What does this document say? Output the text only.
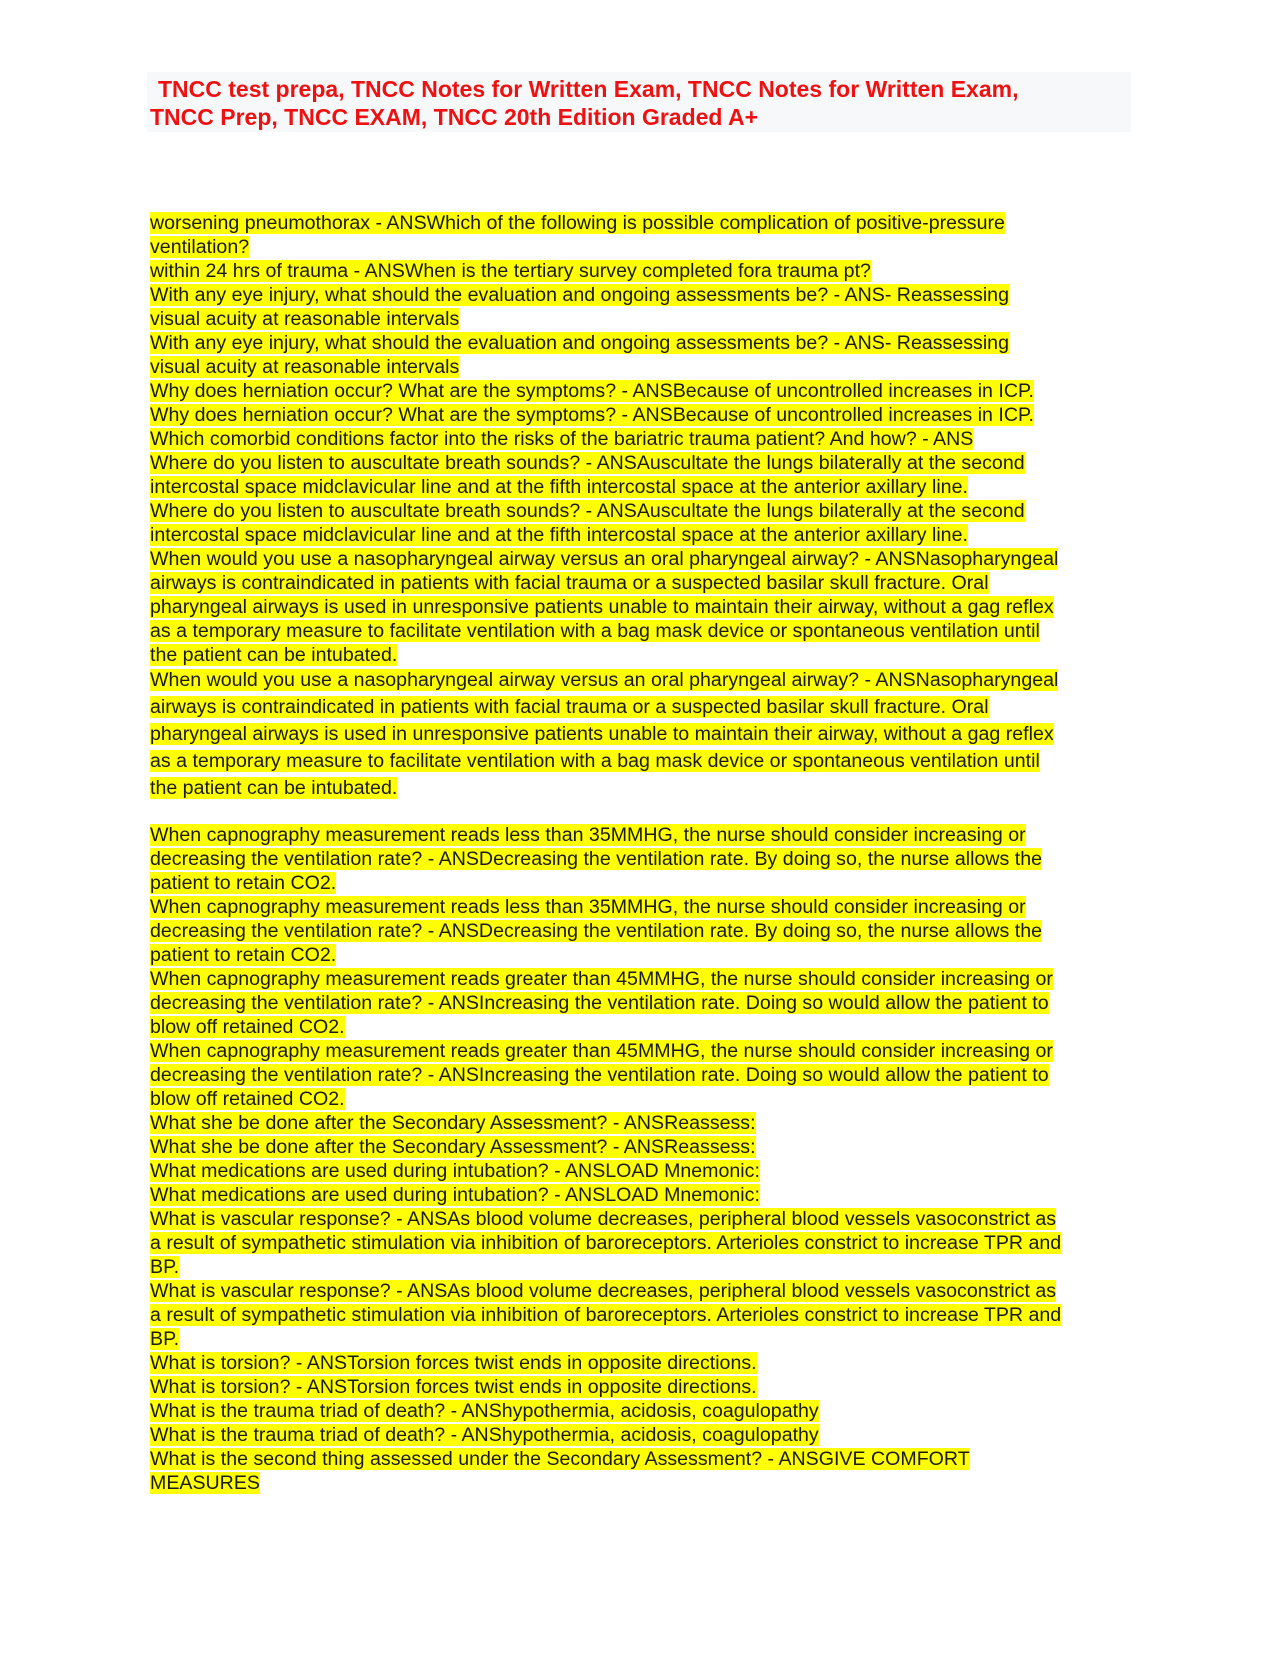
TNCC test prepa, TNCC Notes for Written Exam, TNCC Notes for Written Exam,
TNCC Prep, TNCC EXAM, TNCC 20th Edition Graded A+
worsening pneumothorax - ANSWhich of the following is possible complication of positive-pressure
ventilation?
within 24 hrs of trauma - ANSWhen is the tertiary survey completed fora trauma pt?
With any eye injury, what should the evaluation and ongoing assessments be? - ANS- Reassessing
visual acuity at reasonable intervals
With any eye injury, what should the evaluation and ongoing assessments be? - ANS- Reassessing
visual acuity at reasonable intervals
Why does herniation occur? What are the symptoms? - ANSBecause of uncontrolled increases in ICP.
Why does herniation occur? What are the symptoms? - ANSBecause of uncontrolled increases in ICP.
Which comorbid conditions factor into the risks of the bariatric trauma patient? And how? - ANS
Where do you listen to auscultate breath sounds? - ANSAuscultate the lungs bilaterally at the second
intercostal space midclavicular line and at the fifth intercostal space at the anterior axillary line.
Where do you listen to auscultate breath sounds? - ANSAuscultate the lungs bilaterally at the second
intercostal space midclavicular line and at the fifth intercostal space at the anterior axillary line.
When would you use a nasopharyngeal airway versus an oral pharyngeal airway? - ANSNasopharyngeal
airways is contraindicated in patients with facial trauma or a suspected basilar skull fracture. Oral
pharyngeal airways is used in unresponsive patients unable to maintain their airway, without a gag reflex
as a temporary measure to facilitate ventilation with a bag mask device or spontaneous ventilation until
the patient can be intubated.
When would you use a nasopharyngeal airway versus an oral pharyngeal airway? - ANSNasopharyngeal
airways is contraindicated in patients with facial trauma or a suspected basilar skull fracture. Oral
pharyngeal airways is used in unresponsive patients unable to maintain their airway, without a gag reflex
as a temporary measure to facilitate ventilation with a bag mask device or spontaneous ventilation until
the patient can be intubated.
When capnography measurement reads less than 35MMHG, the nurse should consider increasing or
decreasing the ventilation rate? - ANSDecreasing the ventilation rate. By doing so, the nurse allows the
patient to retain CO2.
When capnography measurement reads less than 35MMHG, the nurse should consider increasing or
decreasing the ventilation rate? - ANSDecreasing the ventilation rate. By doing so, the nurse allows the
patient to retain CO2.
When capnography measurement reads greater than 45MMHG, the nurse should consider increasing or
decreasing the ventilation rate? - ANSIncreasing the ventilation rate. Doing so would allow the patient to
blow off retained CO2.
When capnography measurement reads greater than 45MMHG, the nurse should consider increasing or
decreasing the ventilation rate? - ANSIncreasing the ventilation rate. Doing so would allow the patient to
blow off retained CO2.
What she be done after the Secondary Assessment? - ANSReassess:
What she be done after the Secondary Assessment? - ANSReassess:
What medications are used during intubation? - ANSLOAD Mnemonic:
What medications are used during intubation? - ANSLOAD Mnemonic:
What is vascular response? - ANSAs blood volume decreases, peripheral blood vessels vasoconstrict as
a result of sympathetic stimulation via inhibition of baroreceptors. Arterioles constrict to increase TPR and
BP.
What is vascular response? - ANSAs blood volume decreases, peripheral blood vessels vasoconstrict as
a result of sympathetic stimulation via inhibition of baroreceptors. Arterioles constrict to increase TPR and
BP.
What is torsion? - ANSTorsion forces twist ends in opposite directions.
What is torsion? - ANSTorsion forces twist ends in opposite directions.
What is the trauma triad of death? - ANShypothermia, acidosis, coagulopathy
What is the trauma triad of death? - ANShypothermia, acidosis, coagulopathy
What is the second thing assessed under the Secondary Assessment? - ANSGIVE COMFORT
MEASURES
